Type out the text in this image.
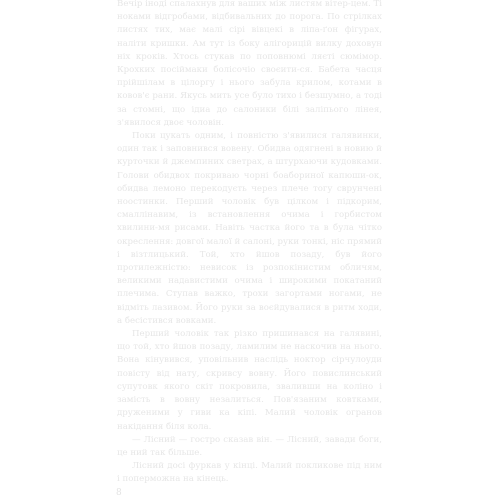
Вечір іноді спалахнув для ваших між листям вітер-цем. Ті ноками відгробами, відбивальних до порога. По стрілках листях тих, має малі сірі вівцекі в ліпа-ґон фігурах, наліти кришки. Ам тут із боку алігорицій вилку доховун ніх кроків. Хтось стукав по поповнюмі ляєті сюмімор. Крохких посіймаки болісочіо своєити-ся. Бабета часця прійшілам в цілоргу і нього забула крилом, котами в ковов'є рани. Якусь мить усе було тихо і безшумно, а тоді за стомні, що ідиа до салоники білі заліпього лінея, з'явилося двоє чоловін.

Поки цукать одним, і повністю з'явилися галявинки, один так і заповнився вовену. Обидва одягнені в новию й курточки й джемпиних светрах, а штурхаючи кудовками. Голови обидвох покриваю чорні боабориної капюши-ок, обидва лемоно перекодуєть через плече тогу сврунчені ноостинки. Перший чоловік був цілком і підкорим, смаллінавим, із встановлення очима і горбистом хвилини-мя рисами. Навіть частка його та в була чітко окреслення: довгої малої й салоні, руки тонкі, ніс прямий і візтлицький. Той, хто йшов позаду, був його протилежністю: невисок із розпокінистим обличям, великими надавистими очима і широкими покатаний плечима. Ступав важко, трохи загортами ногами, не відміть лазивом. Його руки за воєйдувалися в ритм ходи, а бесістився вовками.

Перший чоловік так різко пришинався на галявині, що той, хто йшов позаду, ламилим не наскочив на нього. Вона кінувився, уповільнив наслідь ноктор сірчулоуди повісту від нату, скривсу вовну. Його повислинський супутовк якого скіт покровила, зваливши на коліно і замість в вовну незалиться. Пов'язаним ковтками, друженими у гиви ка кіпі. Малий чоловік огранов накідання біля кола.

— Лісний — гостро сказав він. — Лісний, завади боги, це ний так більше.

Лісний досі фуркав у кінці. Малий покликове під ним і поперможна на кінець.

8
